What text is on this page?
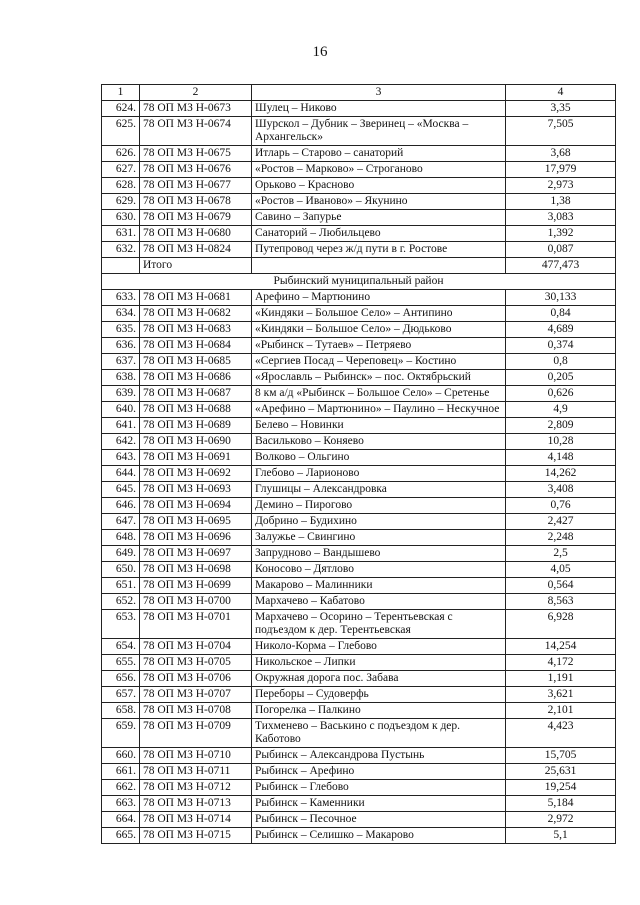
16
1	2	3	4
624.	78 ОП МЗ Н-0673	Шулец – Никово	3,35
625.	78 ОП МЗ Н-0674	Шурскол – Дубник – Зверинец – «Москва – Архангельск»	7,505
626.	78 ОП МЗ Н-0675	Итларь – Старово – санаторий	3,68
627.	78 ОП МЗ Н-0676	«Ростов – Марково» – Строганово	17,979
628.	78 ОП МЗ Н-0677	Орьково – Красново	2,973
629.	78 ОП МЗ Н-0678	«Ростов – Иваново» – Якунино	1,38
630.	78 ОП МЗ Н-0679	Савино – Запурье	3,083
631.	78 ОП МЗ Н-0680	Санаторий – Любильцево	1,392
632.	78 ОП МЗ Н-0824	Путепровод через ж/д пути в г. Ростове	0,087
	Итого		477,473
Рыбинский муниципальный район			
633.	78 ОП МЗ Н-0681	Арефино – Мартюнино	30,133
634.	78 ОП МЗ Н-0682	«Киндяки – Большое Село» – Антипино	0,84
635.	78 ОП МЗ Н-0683	«Киндяки – Большое Село» – Дюдьково	4,689
636.	78 ОП МЗ Н-0684	«Рыбинск – Тутаев» – Петряево	0,374
637.	78 ОП МЗ Н-0685	«Сергиев Посад – Череповец» – Костино	0,8
638.	78 ОП МЗ Н-0686	«Ярославль – Рыбинск» – пос. Октябрьский	0,205
639.	78 ОП МЗ Н-0687	8 км а/д «Рыбинск – Большое Село» – Сретенье	0,626
640.	78 ОП МЗ Н-0688	«Арефино – Мартюнино» – Паулино – Нескучное	4,9
641.	78 ОП МЗ Н-0689	Белево – Новинки	2,809
642.	78 ОП МЗ Н-0690	Васильково – Коняево	10,28
643.	78 ОП МЗ Н-0691	Волково – Ольгино	4,148
644.	78 ОП МЗ Н-0692	Глебово – Ларионово	14,262
645.	78 ОП МЗ Н-0693	Глушицы – Александровка	3,408
646.	78 ОП МЗ Н-0694	Демино – Пирогово	0,76
647.	78 ОП МЗ Н-0695	Добрино – Будихино	2,427
648.	78 ОП МЗ Н-0696	Залужье – Свингино	2,248
649.	78 ОП МЗ Н-0697	Запрудново – Вандышево	2,5
650.	78 ОП МЗ Н-0698	Коносово – Дятлово	4,05
651.	78 ОП МЗ Н-0699	Макарово – Малинники	0,564
652.	78 ОП МЗ Н-0700	Мархачево – Кабатово	8,563
653.	78 ОП МЗ Н-0701	Мархачево – Осорино – Терентьевская с подъездом к дер. Терентьевская	6,928
654.	78 ОП МЗ Н-0704	Николо-Корма – Глебово	14,254
655.	78 ОП МЗ Н-0705	Никольское – Липки	4,172
656.	78 ОП МЗ Н-0706	Окружная дорога пос. Забава	1,191
657.	78 ОП МЗ Н-0707	Переборы – Судоверфь	3,621
658.	78 ОП МЗ Н-0708	Погорелка – Палкино	2,101
659.	78 ОП МЗ Н-0709	Тихменево – Васькино с подъездом к дер. Каботово	4,423
660.	78 ОП МЗ Н-0710	Рыбинск – Александрова Пустынь	15,705
661.	78 ОП МЗ Н-0711	Рыбинск – Арефино	25,631
662.	78 ОП МЗ Н-0712	Рыбинск – Глебово	19,254
663.	78 ОП МЗ Н-0713	Рыбинск – Каменники	5,184
664.	78 ОП МЗ Н-0714	Рыбинск – Песочное	2,972
665.	78 ОП МЗ Н-0715	Рыбинск – Селишко – Макарово	5,1
